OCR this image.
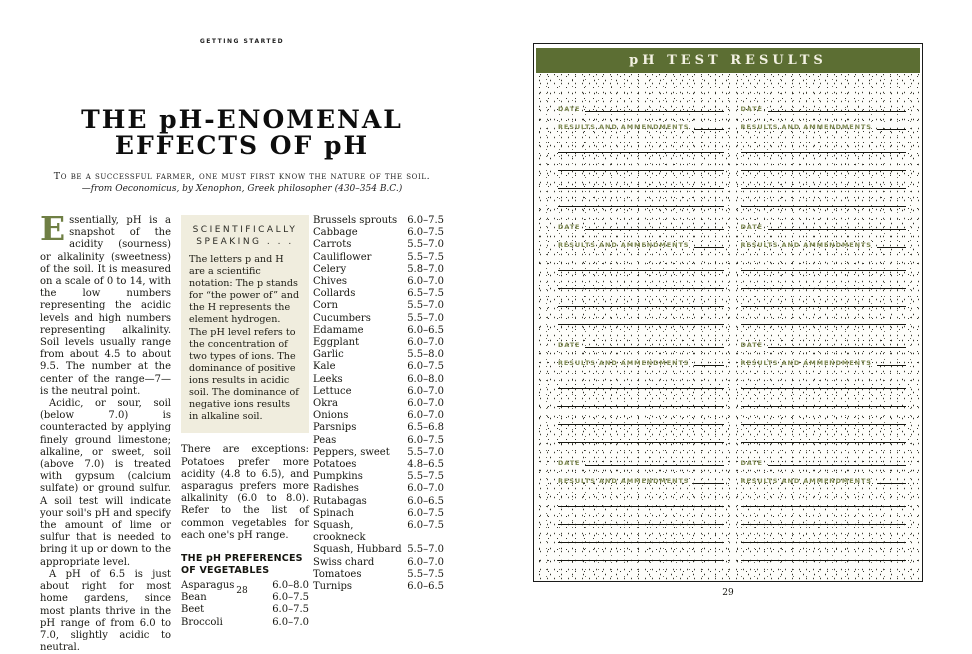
GETTING STARTED
THE pH-ENOMENAL
EFFECTS OF pH
To be a successful farmer, one must first know the nature of the soil.
—from Oeconomicus, by Xenophon, Greek philosopher (430–354 B.C.)

Essentially, pH is a snapshot of the acidity (sourness) or alkalinity (sweetness) of the soil. It is measured on a scale of 0 to 14, with the low numbers representing the acidic levels and high numbers representing alkalinity. Soil levels usually range from about 4.5 to about 9.5. The number at the center of the range—7—is the neutral point.

Acidic, or sour, soil (below 7.0) is counteracted by applying finely ground limestone; alkaline, or sweet, soil (above 7.0) is treated with gypsum (calcium sulfate) or ground sulfur. A soil test will indicate your soil's pH and specify the amount of lime or sulfur that is needed to bring it up or down to the appropriate level.

A pH of 6.5 is just about right for most home gardens, since most plants thrive in the pH range of from 6.0 to 7.0, slightly acidic to neutral.

SCIENTIFICALLY
SPEAKING . . .
The letters p and H are a scientific notation: The p stands for “the power of” and the H represents the element hydrogen. The pH level refers to the concentration of two types of ions. The dominance of positive ions results in acidic soil. The dominance of negative ions results in alkaline soil.

There are exceptions: Potatoes prefer more acidity (4.8 to 6.5), and asparagus prefers more alkalinity (6.0 to 8.0). Refer to the list of common vegetables for each one's pH range.

THE pH PREFERENCES
OF VEGETABLES
Asparagus	6.0–8.0
Bean	6.0–7.5
Beet	6.0–7.5
Broccoli	6.0–7.0
Brussels sprouts 6.0–7.5
Cabbage	6.0–7.5
Carrots	5.5–7.0
Cauliflower	5.5–7.5
Celery	5.8–7.0
Chives	6.0–7.0
Collards	6.5–7.5
Corn	5.5–7.0
Cucumbers	5.5–7.0
Edamame	6.0–6.5
Eggplant	6.0–7.0
Garlic	5.5–8.0
Kale	6.0–7.5
Leeks	6.0–8.0
Lettuce	6.0–7.0
Okra	6.0–7.0
Onions	6.0–7.0
Parsnips	6.5–6.8
Peas	6.0–7.5
Peppers, sweet 5.5–7.0
Potatoes	4.8–6.5
Pumpkins	5.5–7.5
Radishes	6.0–7.0
Rutabagas	6.0–6.5
Spinach	6.0–7.5
Squash, crookneck
6.0–7.5
Squash, Hubbard 5.5–7.0
Swiss chard	6.0–7.0
Tomatoes	5.5–7.5
Turnips	6.0–6.5
28
pH TEST RESULTS
DATE
RESULTS AND AMMENDMENTS
DATE
RESULTS AND AMMENDMENTS
DATE
RESULTS AND AMMENDMENTS
DATE
RESULTS AND AMMENDMENTS
DATE
RESULTS AND AMMENDMENTS
DATE
RESULTS AND AMMENDMENTS
DATE
RESULTS AND AMMENDMENTS
DATE
RESULTS AND AMMENDMENTS
29
